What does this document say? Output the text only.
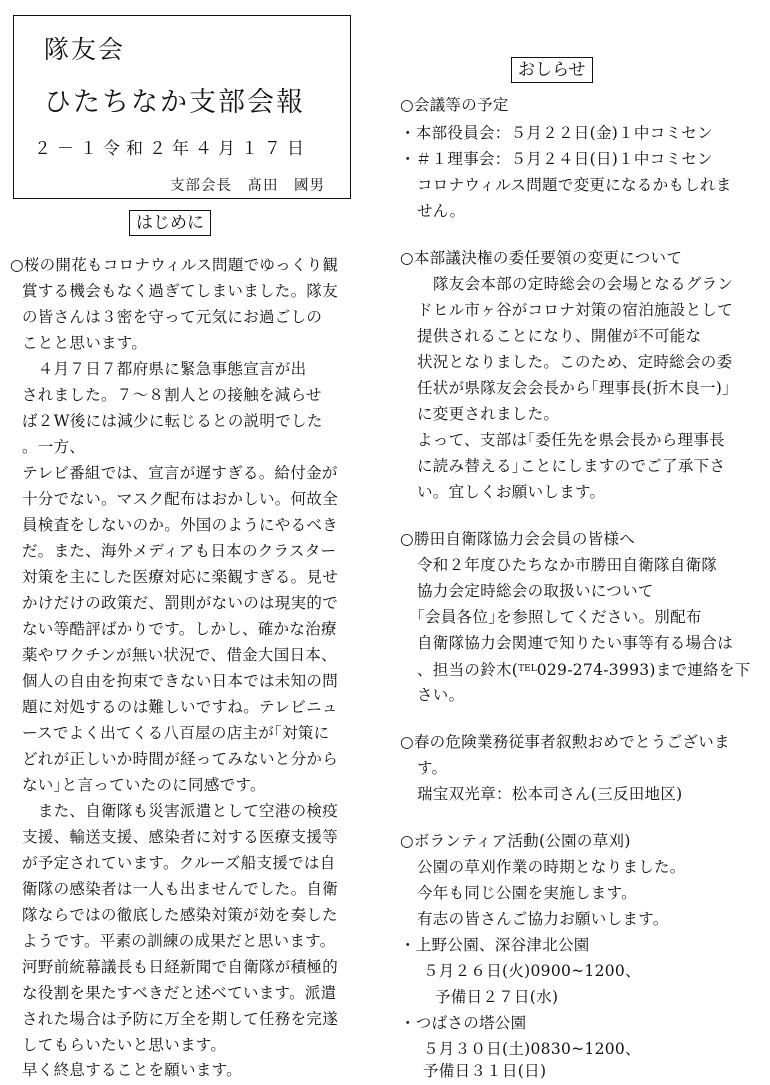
隊友会
ひたちなか支部会報
２－１令和２年４月１７日
支部会長　髙田　國男
はじめに
○桜の開花もコロナウィルス問題でゆっくり観
賞する機会もなく過ぎてしまいました。隊友
の皆さんは３密を守って元気にお過ごしの
ことと思います。
　４月７日７都府県に緊急事態宣言が出
されました。７～８割人との接触を減らせ
ば２W後には減少に転じるとの説明でした
。一方、
テレビ番組では、宣言が遅すぎる。給付金が
十分でない。マスク配布はおかしい。何故全
員検査をしないのか。外国のようにやるべき
だ。また、海外メディアも日本のクラスター
対策を主にした医療対応に楽観すぎる。見せ
かけだけの政策だ、罰則がないのは現実的で
ない等酷評ばかりです。しかし、確かな治療
薬やワクチンが無い状況で、借金大国日本、
個人の自由を拘束できない日本では未知の問
題に対処するのは難しいですね。テレビニュ
ースでよく出てくる八百屋の店主が｢対策に
どれが正しいか時間が経ってみないと分から
ない｣と言っていたのに同感です。
　また、自衛隊も災害派遣として空港の検疫
支援、輸送支援、感染者に対する医療支援等
が予定されています。クルーズ船支援では自
衛隊の感染者は一人も出ませんでした。自衛
隊ならではの徹底した感染対策が効を奏した
ようです。平素の訓練の成果だと思います。
河野前統幕議長も日経新聞で自衛隊が積極的
な役割を果たすべきだと述べています。派遣
された場合は予防に万全を期して任務を完遂
してもらいたいと思います。
早く終息することを願います。
おしらせ
○会議等の予定
・本部役員会：５月２２日(金)１中コミセン
・＃１理事会：５月２４日(日)１中コミセン
コロナウィルス問題で変更になるかもしれま
せん。
○本部議決権の委任要領の変更について
隊友会本部の定時総会の会場となるグラン
ドヒル市ヶ谷がコロナ対策の宿泊施設として
提供されることになり、開催が不可能な
状況となりました。このため、定時総会の委
任状が県隊友会会長から｢理事長(折木良一)｣
に変更されました。
よって、支部は｢委任先を県会長から理事長
に読み替える｣ことにしますのでご了承下さ
い。宜しくお願いします。
○勝田自衛隊協力会会員の皆様へ
令和２年度ひたちなか市勝田自衛隊自衛隊
協力会定時総会の取扱いについて
｢会員各位｣を参照してください。別配布
自衛隊協力会関連で知りたい事等有る場合は
、担当の鈴木($^{TEL}$029-274-3993)まで連絡を下
さい。
○春の危険業務従事者叙勲おめでとうございま
す。
瑞宝双光章：松本司さん(三反田地区)
○ボランティア活動(公園の草刈)
公園の草刈作業の時期となりました。
今年も同じ公園を実施します。
有志の皆さんご協力お願いします。
・上野公園、深谷津北公園
５月２６日(火)0900~1200、
予備日２７日(水)
・つばさの塔公園
５月３０日(土)0830~1200、
予備日３１日(日)
